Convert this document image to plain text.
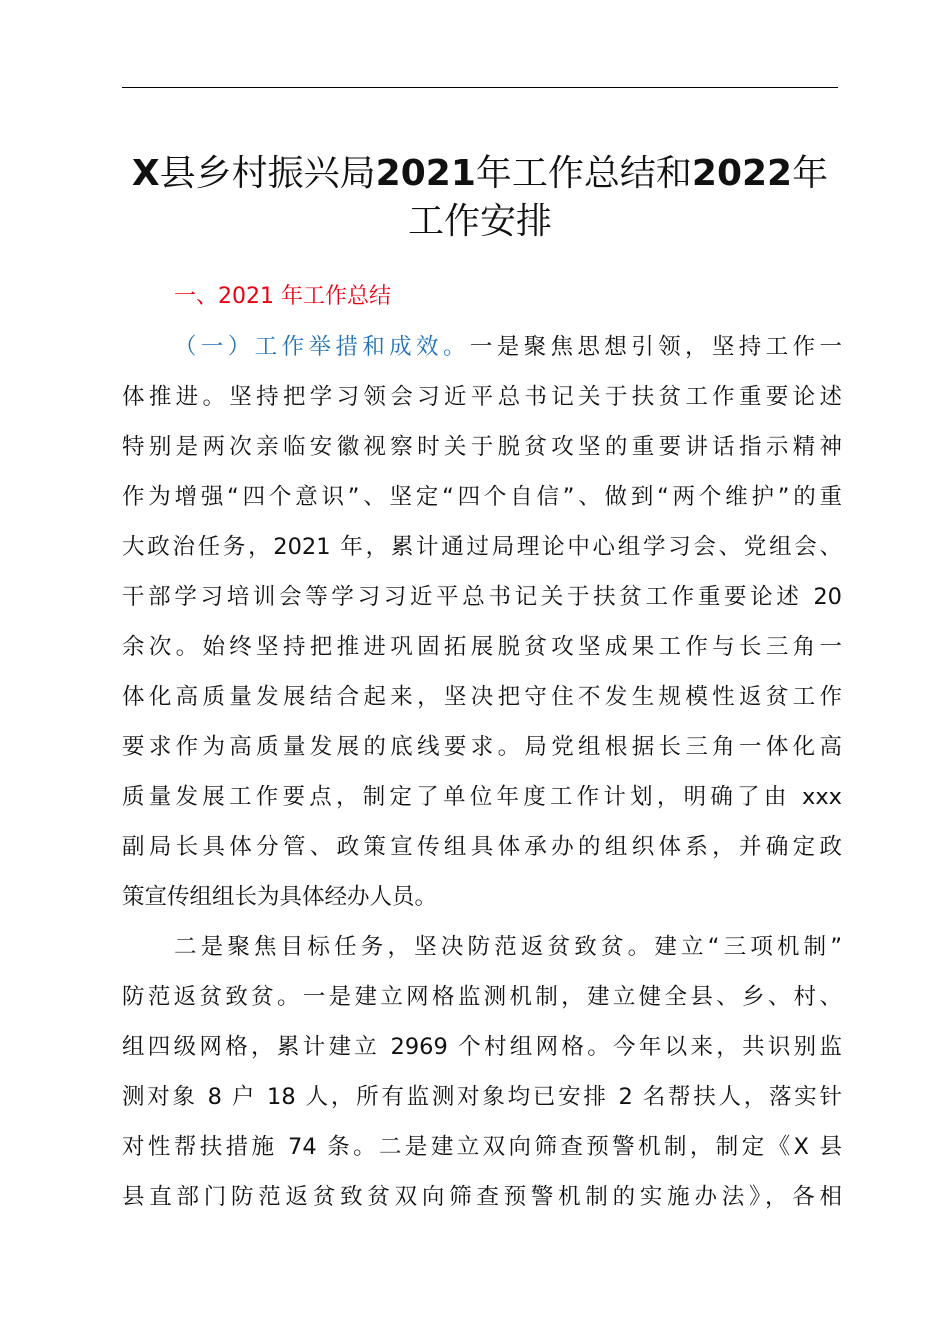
X县乡村振兴局2021年工作总结和2022年
工作安排
一、2021 年工作总结
（一）工作举措和成效。一是聚焦思想引领，坚持工作一
体推进。坚持把学习领会习近平总书记关于扶贫工作重要论述
特别是两次亲临安徽视察时关于脱贫攻坚的重要讲话指示精神
作为增强“四个意识”、坚定“四个自信”、做到“两个维护”的重
大政治任务，2021 年，累计通过局理论中心组学习会、党组会、
干部学习培训会等学习习近平总书记关于扶贫工作重要论述 20
余次。始终坚持把推进巩固拓展脱贫攻坚成果工作与长三角一
体化高质量发展结合起来，坚决把守住不发生规模性返贫工作
要求作为高质量发展的底线要求。局党组根据长三角一体化高
质量发展工作要点，制定了单位年度工作计划，明确了由 xxx
副局长具体分管、政策宣传组具体承办的组织体系，并确定政
策宣传组组长为具体经办人员。
二是聚焦目标任务，坚决防范返贫致贫。建立“三项机制”
防范返贫致贫。一是建立网格监测机制，建立健全县、乡、村、
组四级网格，累计建立 2969 个村组网格。今年以来，共识别监
测对象 8 户 18 人，所有监测对象均已安排 2 名帮扶人，落实针
对性帮扶措施 74 条。二是建立双向筛查预警机制，制定《X 县
县直部门防范返贫致贫双向筛查预警机制的实施办法》，各相
